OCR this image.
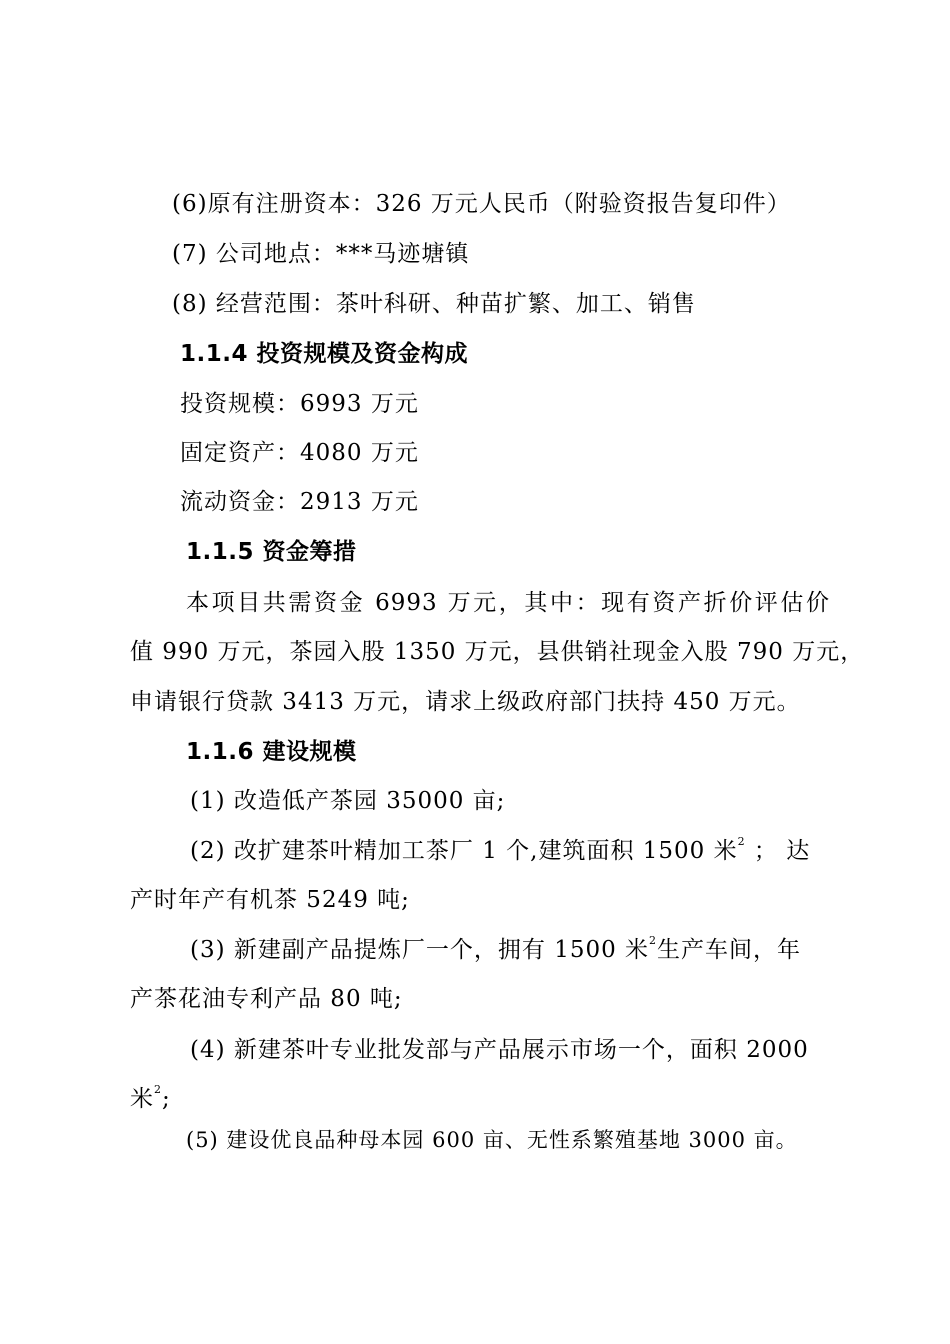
(6)原有注册资本：326 万元人民币（附验资报告复印件）
(7) 公司地点：***马迹塘镇
(8) 经营范围：茶叶科研、种苗扩繁、加工、销售
1.1.4 投资规模及资金构成
投资规模：6993 万元
固定资产：4080 万元
流动资金：2913 万元
1.1.5 资金筹措
本项目共需资金 6993 万元，其中：现有资产折价评估价
值 990 万元，茶园入股 1350 万元，县供销社现金入股 790 万元，
申请银行贷款 3413 万元，请求上级政府部门扶持 450 万元。
1.1.6 建设规模
(1) 改造低产茶园 35000 亩;
(2) 改扩建茶叶精加工茶厂 1 个,建筑面积 1500 米$^2$ ； 达
产时年产有机茶 5249 吨;
(3) 新建副产品提炼厂一个，拥有 1500 米$^2$生产车间，年
产茶花油专利产品 80 吨;
(4) 新建茶叶专业批发部与产品展示市场一个，面积 2000
米$^2$;
(5) 建设优良品种母本园 600 亩、无性系繁殖基地 3000 亩。
